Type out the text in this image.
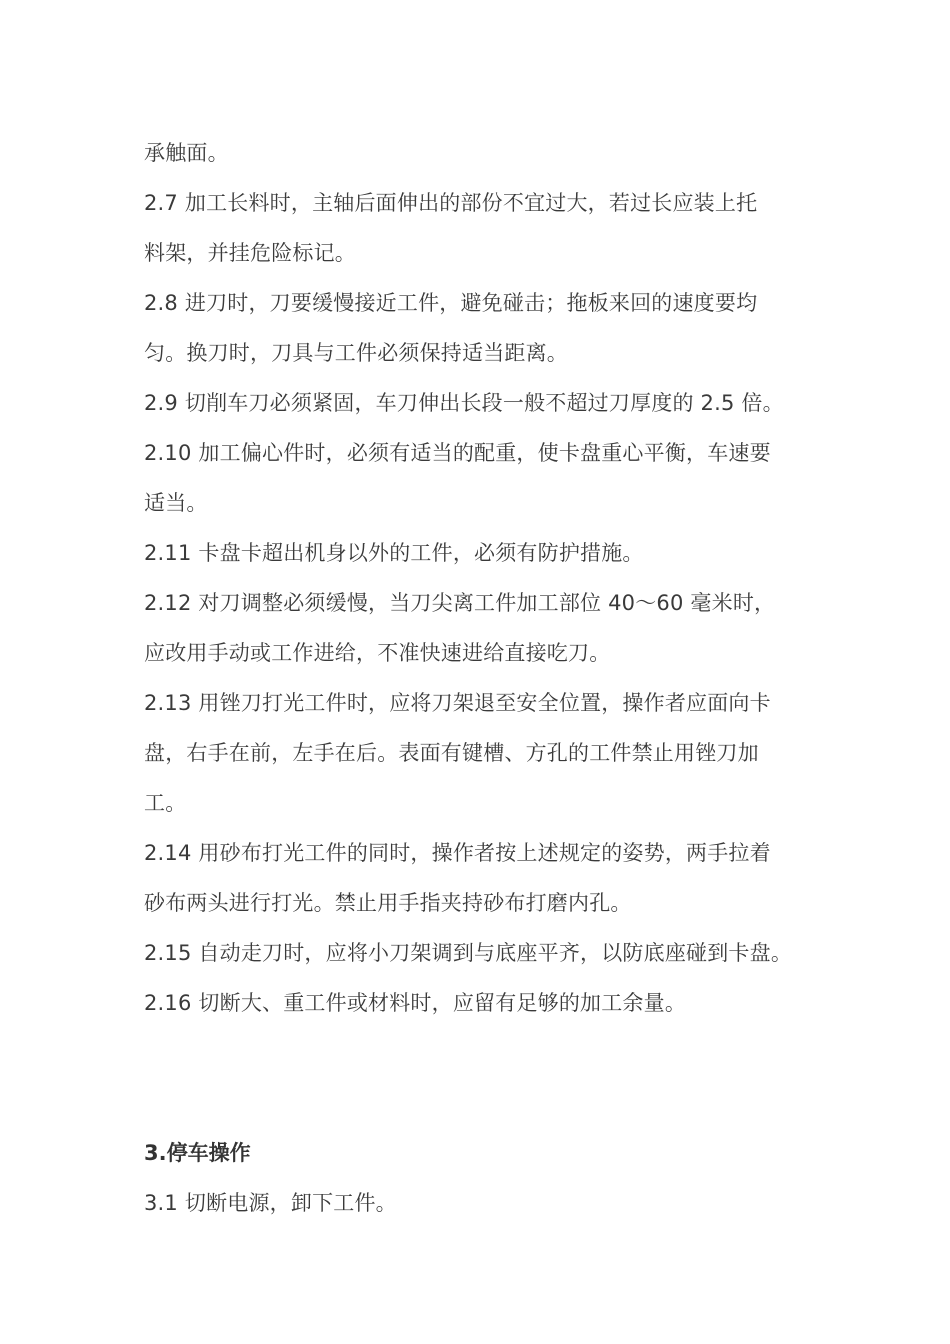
承触面。
2.7 加工长料时，主轴后面伸出的部份不宜过大，若过长应装上托
料架，并挂危险标记。
2.8 进刀时，刀要缓慢接近工件，避免碰击；拖板来回的速度要均
匀。换刀时，刀具与工件必须保持适当距离。
2.9 切削车刀必须紧固，车刀伸出长段一般不超过刀厚度的 2.5 倍。
2.10 加工偏心件时，必须有适当的配重，使卡盘重心平衡，车速要
适当。
2.11 卡盘卡超出机身以外的工件，必须有防护措施。
2.12 对刀调整必须缓慢，当刀尖离工件加工部位 40～60 毫米时，
应改用手动或工作进给，不准快速进给直接吃刀。
2.13 用锉刀打光工件时，应将刀架退至安全位置，操作者应面向卡
盘，右手在前，左手在后。表面有键槽、方孔的工件禁止用锉刀加
工。
2.14 用砂布打光工件的同时，操作者按上述规定的姿势，两手拉着
砂布两头进行打光。禁止用手指夹持砂布打磨内孔。
2.15 自动走刀时，应将小刀架调到与底座平齐，以防底座碰到卡盘。
2.16 切断大、重工件或材料时，应留有足够的加工余量。
3.停车操作
3.1 切断电源，卸下工件。
